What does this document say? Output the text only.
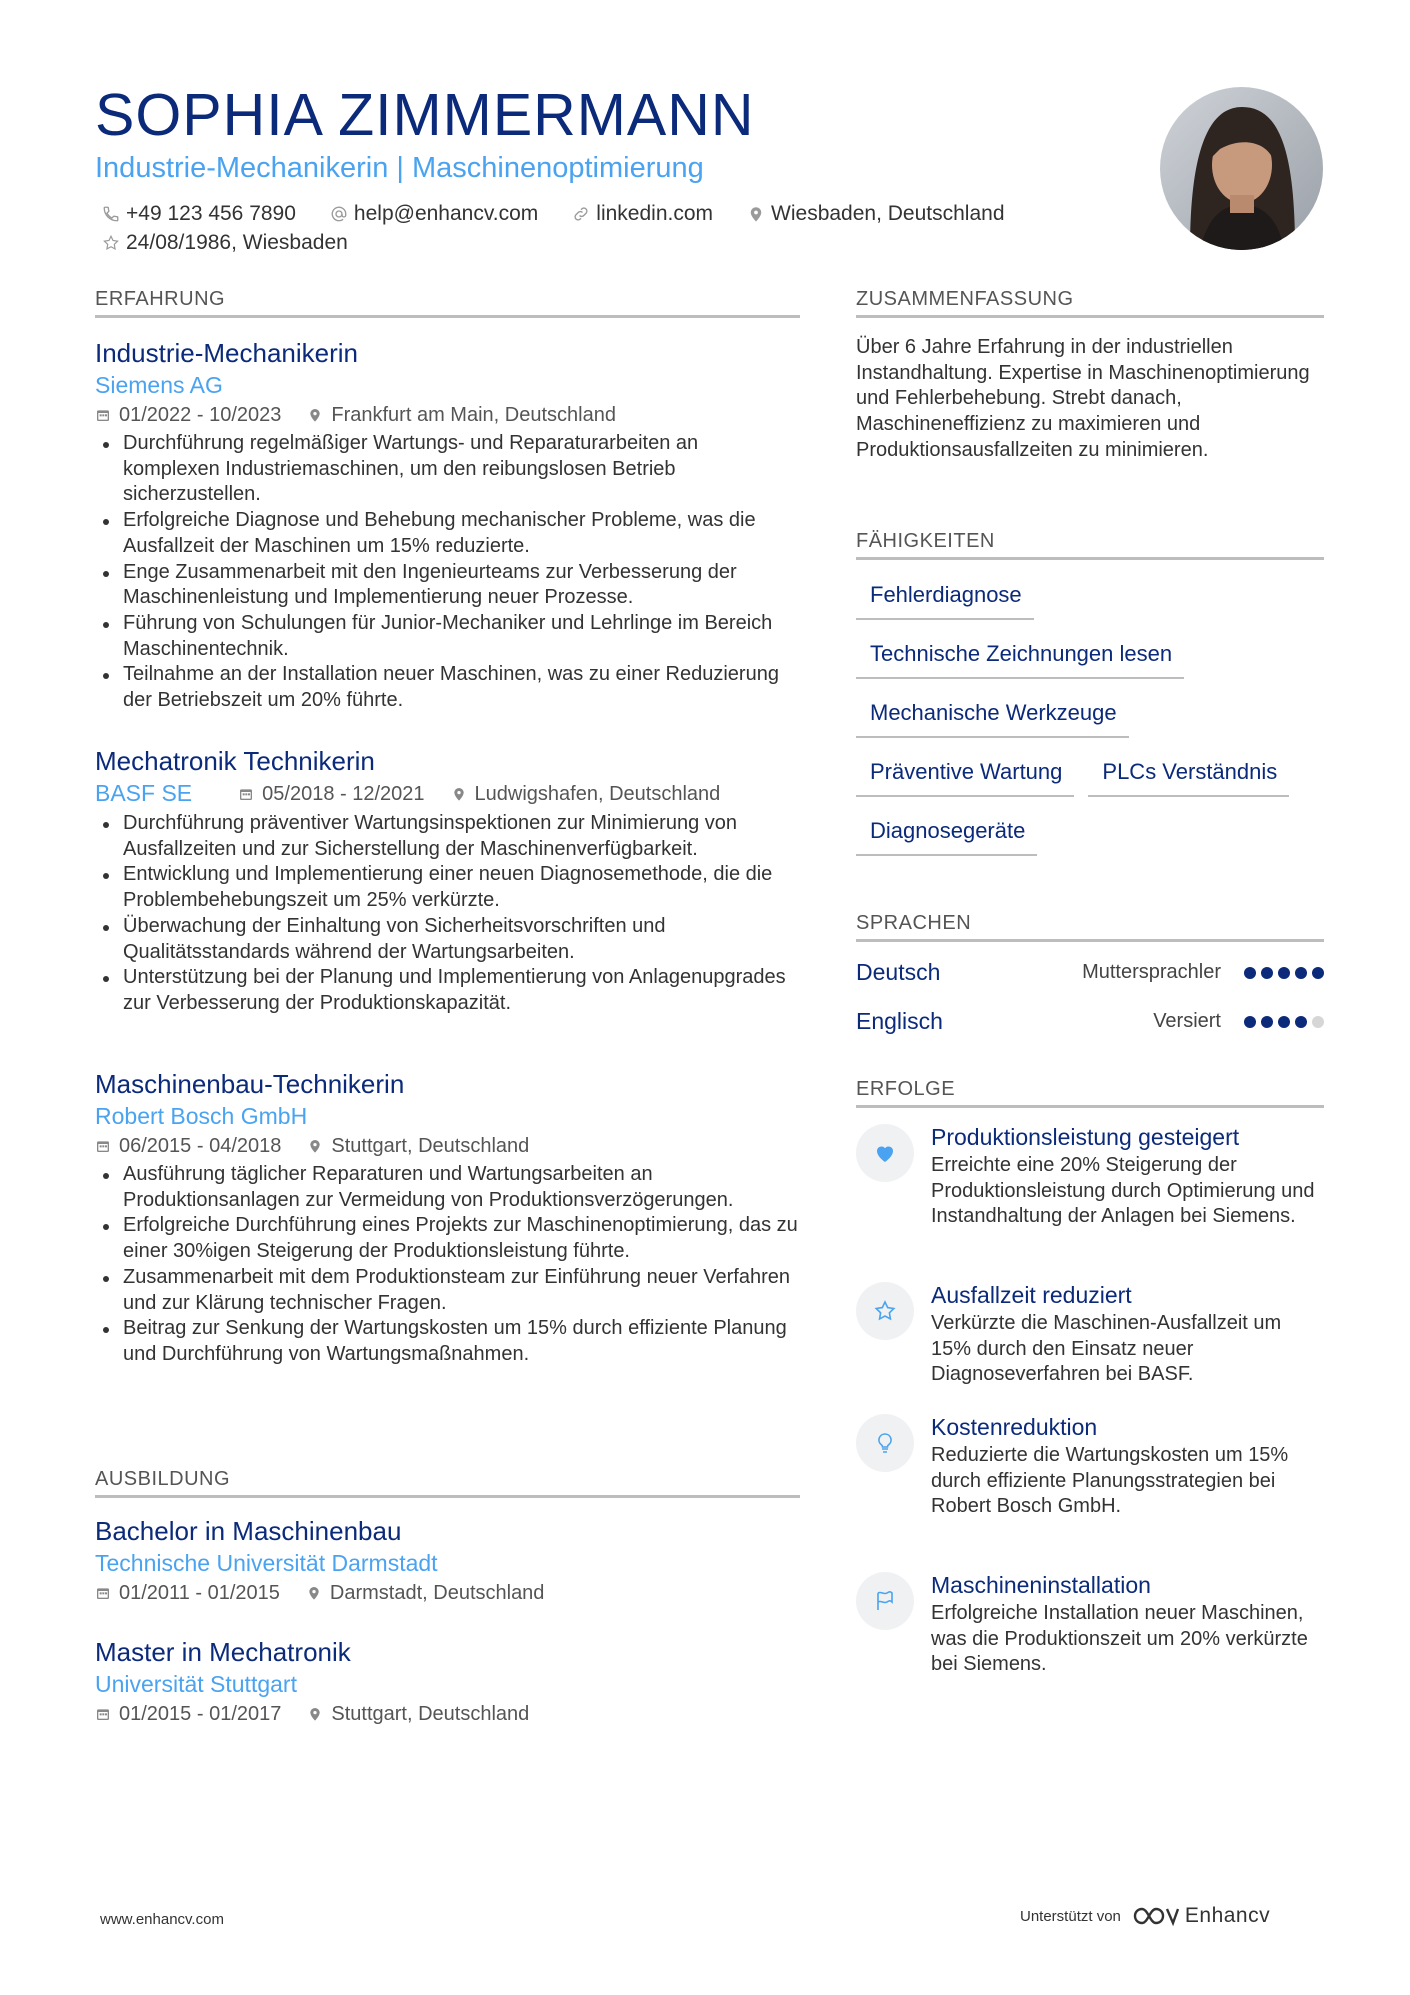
SOPHIA ZIMMERMANN
Industrie-Mechanikerin | Maschinenoptimierung
+49 123 456 7890	help@enhancv.com	linkedin.com	Wiesbaden, Deutschland
24/08/1986, Wiesbaden
ERFAHRUNG
Industrie-Mechanikerin
Siemens AG
01/2022 - 10/2023	Frankfurt am Main, Deutschland
Durchführung regelmäßiger Wartungs- und Reparaturarbeiten an komplexen Industriemaschinen, um den reibungslosen Betrieb sicherzustellen.
Erfolgreiche Diagnose und Behebung mechanischer Probleme, was die Ausfallzeit der Maschinen um 15% reduzierte.
Enge Zusammenarbeit mit den Ingenieurteams zur Verbesserung der Maschinenleistung und Implementierung neuer Prozesse.
Führung von Schulungen für Junior-Mechaniker und Lehrlinge im Bereich Maschinentechnik.
Teilnahme an der Installation neuer Maschinen, was zu einer Reduzierung der Betriebszeit um 20% führte.
Mechatronik Technikerin
BASF SE	05/2018 - 12/2021	Ludwigshafen, Deutschland
Durchführung präventiver Wartungsinspektionen zur Minimierung von Ausfallzeiten und zur Sicherstellung der Maschinenverfügbarkeit.
Entwicklung und Implementierung einer neuen Diagnosemethode, die die Problembehebungszeit um 25% verkürzte.
Überwachung der Einhaltung von Sicherheitsvorschriften und Qualitätsstandards während der Wartungsarbeiten.
Unterstützung bei der Planung und Implementierung von Anlagenupgrades zur Verbesserung der Produktionskapazität.
Maschinenbau-Technikerin
Robert Bosch GmbH
06/2015 - 04/2018	Stuttgart, Deutschland
Ausführung täglicher Reparaturen und Wartungsarbeiten an Produktionsanlagen zur Vermeidung von Produktionsverzögerungen.
Erfolgreiche Durchführung eines Projekts zur Maschinenoptimierung, das zu einer 30%igen Steigerung der Produktionsleistung führte.
Zusammenarbeit mit dem Produktionsteam zur Einführung neuer Verfahren und zur Klärung technischer Fragen.
Beitrag zur Senkung der Wartungskosten um 15% durch effiziente Planung und Durchführung von Wartungsmaßnahmen.
AUSBILDUNG
Bachelor in Maschinenbau
Technische Universität Darmstadt
01/2011 - 01/2015	Darmstadt, Deutschland
Master in Mechatronik
Universität Stuttgart
01/2015 - 01/2017	Stuttgart, Deutschland
ZUSAMMENFASSUNG
Über 6 Jahre Erfahrung in der industriellen Instandhaltung. Expertise in Maschinenoptimierung und Fehlerbehebung. Strebt danach, Maschineneffizienz zu maximieren und Produktionsausfallzeiten zu minimieren.
FÄHIGKEITEN
Fehlerdiagnose
Technische Zeichnungen lesen
Mechanische Werkzeuge
Präventive Wartung PLCs Verständnis
Diagnosegeräte
SPRACHEN
Deutsch	Muttersprachler
Englisch	Versiert
ERFOLGE
Produktionsleistung gesteigert
Erreichte eine 20% Steigerung der Produktionsleistung durch Optimierung und Instandhaltung der Anlagen bei Siemens.
Ausfallzeit reduziert
Verkürzte die Maschinen-Ausfallzeit um 15% durch den Einsatz neuer Diagnoseverfahren bei BASF.
Kostenreduktion
Reduzierte die Wartungskosten um 15% durch effiziente Planungsstrategien bei Robert Bosch GmbH.
Maschineninstallation
Erfolgreiche Installation neuer Maschinen, was die Produktionszeit um 20% verkürzte bei Siemens.
www.enhancv.com	Unterstützt von	Enhancv
